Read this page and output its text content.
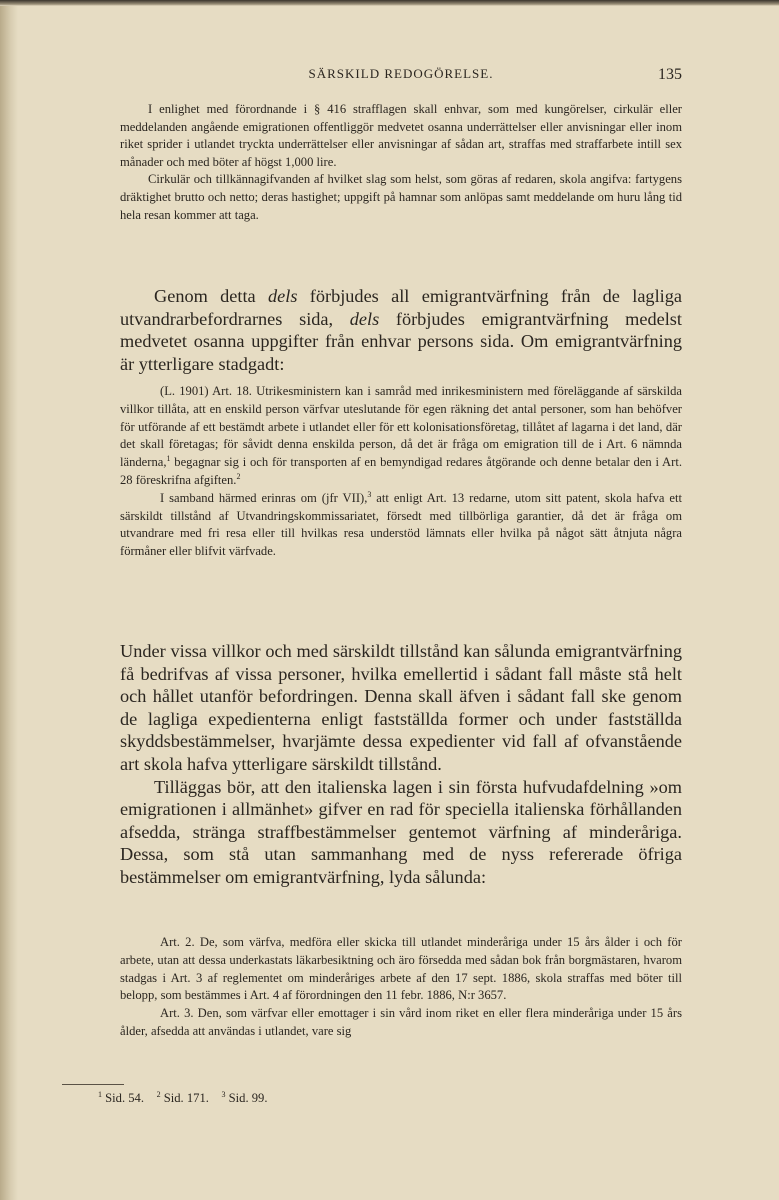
SÄRSKILD REDOGÖRELSE.	135

I enlighet med förordnande i § 416 strafflagen skall enhvar, som med kungörelser, cirkulär eller meddelanden angående emigrationen offentliggör medvetet osanna underrättelser eller anvisningar eller inom riket sprider i utlandet tryckta underrättelser eller anvisningar af sådan art, straffas med straffarbete intill sex månader och med böter af högst 1,000 lire.

Cirkulär och tillkännagifvanden af hvilket slag som helst, som göras af redaren, skola angifva: fartygens dräktighet brutto och netto; deras hastighet; uppgift på hamnar som anlöpas samt meddelande om huru lång tid hela resan kommer att taga.

Genom detta dels förbjudes all emigrantvärfning från de lagliga utvandrarbefordrarnes sida, dels förbjudes emigrantvärfning medelst medvetet osanna uppgifter från enhvar persons sida. Om emigrantvärfning är ytterligare stadgadt:

(L. 1901) Art. 18. Utrikesministern kan i samråd med inrikesministern med föreläggande af särskilda villkor tillåta, att en enskild person värfvar uteslutande för egen räkning det antal personer, som han behöfver för utförande af ett bestämdt arbete i utlandet eller för ett kolonisationsföretag, tillåtet af lagarna i det land, där det skall företagas; för såvidt denna enskilda person, då det är fråga om emigration till de i Art. 6 nämnda länderna,$^1$ begagnar sig i och för transporten af en bemyndigad redares åtgörande och denne betalar den i Art. 28 föreskrifna afgiften.$^2$

I samband härmed erinras om (jfr VII),$^3$ att enligt Art. 13 redarne, utom sitt patent, skola hafva ett särskildt tillstånd af Utvandringskommissariatet, försedt med tillbörliga garantier, då det är fråga om utvandrare med fri resa eller till hvilkas resa understöd lämnats eller hvilka på något sätt åtnjuta några förmåner eller blifvit värfvade.

Under vissa villkor och med särskildt tillstånd kan sålunda emigrantvärfning få bedrifvas af vissa personer, hvilka emellertid i sådant fall måste stå helt och hållet utanför befordringen. Denna skall äfven i sådant fall ske genom de lagliga expedienterna enligt fastställda former och under fastställda skyddsbestämmelser, hvarjämte dessa expedienter vid fall af ofvanstående art skola hafva ytterligare särskildt tillstånd.

Tilläggas bör, att den italienska lagen i sin första hufvudafdelning »om emigrationen i allmänhet» gifver en rad för speciella italienska förhållanden afsedda, stränga straffbestämmelser gentemot värfning af minderåriga. Dessa, som stå utan sammanhang med de nyss refererade öfriga bestämmelser om emigrantvärfning, lyda sålunda:

Art. 2. De, som värfva, medföra eller skicka till utlandet minderåriga under 15 års ålder i och för arbete, utan att dessa underkastats läkarbesiktning och äro försedda med sådan bok från borgmästaren, hvarom stadgas i Art. 3 af reglementet om minderåriges arbete af den 17 sept. 1886, skola straffas med böter till belopp, som bestämmes i Art. 4 af förordningen den 11 febr. 1886, N:r 3657.

Art. 3. Den, som värfvar eller emottager i sin vård inom riket en eller flera minderåriga under 15 års ålder, afsedda att användas i utlandet, vare sig

$^1$ Sid. 54. $^2$ Sid. 171. $^3$ Sid. 99.
